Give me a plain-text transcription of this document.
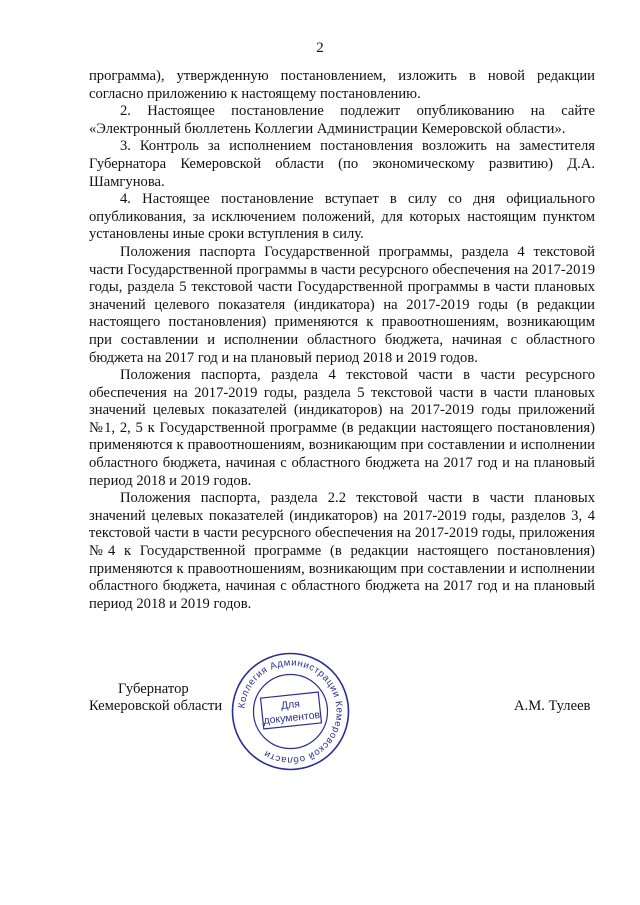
2

программа), утвержденную постановлением, изложить в новой редакции согласно приложению к настоящему постановлению.

2. Настоящее постановление подлежит опубликованию на сайте «Электронный бюллетень Коллегии Администрации Кемеровской области».

3. Контроль за исполнением постановления возложить на заместителя Губернатора Кемеровской области (по экономическому развитию) Д.А. Шамгунова.

4. Настоящее постановление вступает в силу со дня официального опубликования, за исключением положений, для которых настоящим пунктом установлены иные сроки вступления в силу.

Положения паспорта Государственной программы, раздела 4 текстовой части Государственной программы в части ресурсного обеспечения на 2017-2019 годы, раздела 5 текстовой части Государственной программы в части плановых значений целевого показателя (индикатора) на 2017-2019 годы (в редакции настоящего постановления) применяются к правоотношениям, возникающим при составлении и исполнении областного бюджета, начиная с областного бюджета на 2017 год и на плановый период 2018 и 2019 годов.

Положения паспорта, раздела 4 текстовой части в части ресурсного обеспечения на 2017-2019 годы, раздела 5 текстовой части в части плановых значений целевых показателей (индикаторов) на 2017-2019 годы приложений №1, 2, 5 к Государственной программе (в редакции настоящего постановления) применяются к правоотношениям, возникающим при составлении и исполнении областного бюджета, начиная с областного бюджета на 2017 год и на плановый период 2018 и 2019 годов.

Положения паспорта, раздела 2.2 текстовой части в части плановых значений целевых показателей (индикаторов) на 2017-2019 годы, разделов 3, 4 текстовой части в части ресурсного обеспечения на 2017-2019 годы, приложения №4 к Государственной программе (в редакции настоящего постановления) применяются к правоотношениям, возникающим при составлении и исполнении областного бюджета, начиная с областного бюджета на 2017 год и на плановый период 2018 и 2019 годов.

Губернатор
Кемеровской области	А.М. Тулеев
Коллегия Администрации Кемеровской области
Для
документов
